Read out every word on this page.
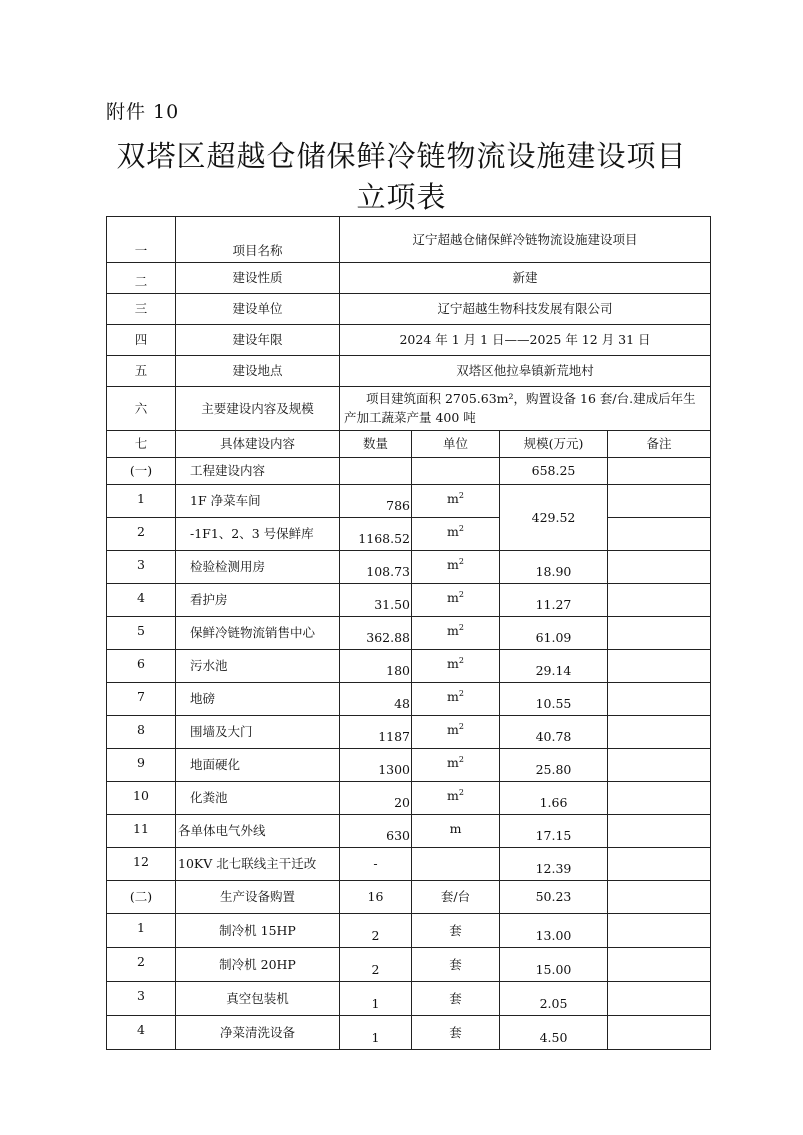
附件 10
双塔区超越仓储保鲜冷链物流设施建设项目
立项表
一	项目名称	辽宁超越仓储保鲜冷链物流设施建设项目			
二	建设性质	新建			
三	建设单位	辽宁超越生物科技发展有限公司			
四	建设年限	2024 年 1 月 1 日——2025 年 12 月 31 日			
五	建设地点	双塔区他拉皋镇新荒地村			
六	主要建设内容及规模	项目建筑面积 2705.63m²，购置设备 16 套/台.建成后年生产加工蔬菜产量 400 吨			
七	具体建设内容	数量	单位	规模(万元)	备注
(一)	工程建设内容			658.25	
1	1F 净菜车间	786	$m^2$	429.52	
2	-1F1、2、3 号保鲜库	1168.52	$m^2$	
3	检验检测用房	108.73	$m^2$	18.90	
4	看护房	31.50	$m^2$	11.27	
5	保鲜冷链物流销售中心	362.88	$m^2$	61.09	
6	污水池	180	$m^2$	29.14	
7	地磅	48	$m^2$	10.55	
8	围墙及大门	1187	$m^2$	40.78	
9	地面硬化	1300	$m^2$	25.80	
10	化粪池	20	$m^2$	1.66	
11	各单体电气外线	630	m	17.15	
12	10KV 北七联线主干迁改	-		12.39	
(二)	生产设备购置	16	套/台	50.23	
1	制冷机 15HP	2	套	13.00	
2	制冷机 20HP	2	套	15.00	
3	真空包装机	1	套	2.05	
4	净菜清洗设备	1	套	4.50	
